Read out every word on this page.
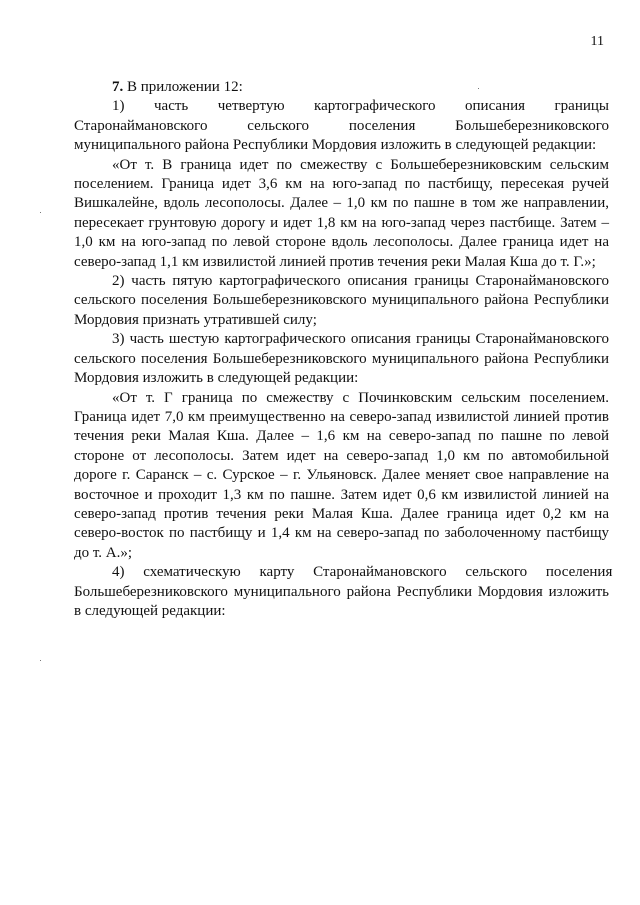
11

7. В приложении 12:

1)     часть     четвертую     картографического     описания     границы Старонаймановского сельского поселения Большеберезниковского муниципального района Республики Мордовия изложить в следующей редакции:

«От т. В граница идет по смежеству с Большеберезниковским сельским поселением. Граница идет 3,6 км на юго-запад по пастбищу, пересекая ручей Вишкалейне, вдоль лесополосы. Далее – 1,0 км по пашне в том же направлении, пересекает грунтовую дорогу и идет 1,8 км на юго-запад через пастбище. Затем – 1,0 км на юго-запад по левой стороне вдоль лесополосы. Далее граница идет на северо-запад 1,1 км извилистой линией против течения реки Малая Кша до т. Г.»;

2) часть пятую картографического описания границы Старонаймановского сельского поселения Большеберезниковского муниципального района Республики Мордовия признать утратившей силу;

3) часть шестую картографического описания границы Старонаймановского сельского поселения Большеберезниковского муниципального района Республики Мордовия изложить в следующей редакции:

«От т. Г граница по смежеству с Починковским сельским поселением. Граница идет 7,0 км преимущественно на северо-запад извилистой линией против течения реки Малая Кша. Далее – 1,6 км на северо-запад по пашне по левой стороне от лесополосы. Затем идет на северо-запад 1,0 км по автомобильной дороге г. Саранск – с. Сурское – г. Ульяновск. Далее меняет свое направление на восточное и проходит 1,3 км по пашне. Затем идет 0,6 км извилистой линией на северо-запад против течения реки Малая Кша. Далее граница идет 0,2 км на северо-восток по пастбищу и 1,4 км на северо-запад по заболоченному пастбищу до т. А.»;

4)     схематическую     карту     Старонаймановского     сельского     поселения Большеберезниковского муниципального района Республики Мордовия изложить в следующей редакции:
